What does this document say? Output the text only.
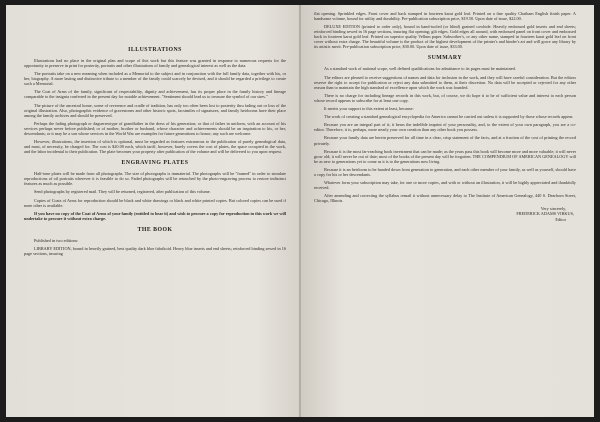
ILLUSTRATIONS

Illustrations had no place in the original plan and scope of this work but this feature was granted in response to numerous requests for the opportunity to preserve in print for posterity, portraits and other illustrations of family and genealogical interest as well as the data.

The portraits take on a new meaning when included as a Memorial to the subject and in conjunction with the full family data, together with his, or her, biography. A more lasting and distinctive tribute to a member of the family could scarcely be devised, and it should be regarded a privilege to create such a Memorial.

The Coat of Arms of the family, significant of respectability, dignity and achievement, has its proper place in the family history and lineage comparable to the insignia conferred in the present day for notable achievement. "Sentiment should lead us to treasure the symbol of our sires."

The picture of the ancestral home, scene of reverence and cradle of tradition, has only too often been lost to posterity thru fading out or loss of the original illustration. Also, photographic evidence of gravestones and other historic spots, facsimiles of signatures, and family heirlooms have their place among the family archives and should be preserved.

Perhaps the fading photograph or daguerreotype of grandfather in the dress of his generation; or that of father in uniform, with an account of his services perhaps never before published; or of mother, brother or husband, whose character and achievements should be an inspiration to his, or her, descendants; or it may be a son whose services in the World War are examples for future generations to honor; any such are welcome.

However, illustrations, the insertion of which is optional, must be regarded as features extraneous to the publication of purely genealogical data, and must, of necessity, be charged for. The cost is $20.00 each, which tariff, however, barely covers the cost of plates, the space occupied in the work, and the labor incidental to their publication. The plate becomes your property after publication of the volume and will be delivered to you upon request.

ENGRAVING PLATES

Half-tone plates will be made from all photographs. The size of photographs is immaterial. The photographs will be "framed" in order to simulate reproductions of oil portraits wherever it is feasible to do so. Faded photographs will be retouched by the photo-engraving process to restore indistinct features as much as possible.

Send photographs by registered mail. They will be returned, registered, after publication of this volume.

Copies of Coats of Arms for reproduction should be black and white drawings or black and white printed copies. But colored copies can be used if none other is available.

If you have no copy of the Coat of Arms of your family (entitled to bear it) and wish to procure a copy for reproduction in this work we will undertake to procure it without extra charge.

THE BOOK

Published in two editions:

LIBRARY EDITION, bound in heavily grained, best quality dark blue fabrikoid. Heavy blue inserts and end sheets; reinforced binding sewed in 16 page sections, insuring

flat opening. Sprinkled edges. Front cover and back stamped in fourteen karat gold leaf. Printed on a fine quality Chatham English finish paper. A handsome volume, bound for utility and durability. Pre-publication subscription price, $19.50. Upon date of issue, $22.00.

DELUXE EDITION (printed to order only), bound in hand-tooled (or blind) grained cowhide. Heavily embossed gold inserts and end sheets; reinforced binding sewed in 16 page sections, insuring flat opening; gilt edges. Gold edges all around, with embossed panel on front cover and embossed back in fourteen karat gold leaf. Printed on superior quality Vellum paper. Subscriber's, or any other name, stamped in fourteen karat gold leaf on front cover without extra charge. The beautiful volume is the product of the highest development of the printer's and binder's art and will grace any library by its artistic merit. Pre-publication subscription price, $30.00. Upon date of issue, $33.00.

SUMMARY

As a standard work of national scope, well defined qualifications for admittance to its pages must be maintained.

The editors are pleased to receive suggestions of names and data for inclusion in the work, and they will have careful consideration. But the editors reserve the right to accept for publication or reject any data submitted to them, at their discretion. No data will be accepted or rejected for any other reason than to maintain the high standard of excellence upon which the work was founded.

There is no charge for including lineage records in this work, but, of course, we do hope it to be of sufficient value and interest to each person whose record appears to subscribe for at least one copy.

It merits your support to this extent at least, because:

The work of creating a standard genealogical encyclopedia for America cannot be carried out unless it is supported by those whose records appear.

Because you are an integral part of it; it bears the indelible imprint of your personality, and, to the extent of your own paragraph, you are a co-editor. Therefore, it is, perhaps, more nearly your own creation than any other book you possess.

Because your family data are herein preserved for all time in a clear, crisp statement of the facts, and at a fraction of the cost of printing the record privately.

Because it is the most far-reaching book investment that can be made; as the years pass this book will become more and more valuable; it will never grow old; it will never be out of date; most of the books of the present day will be forgotten. THE COMPENDIUM OF AMERICAN GENEALOGY will be as new to generations yet to come as it is to the generations now living.

Because it is an heirloom to be handed down from generation to generation, and each other member of your family, as well as yourself, should have a copy for his or her descendants.

Whatever form your subscription may take, for one or more copies, and with or without an illustration, it will be highly appreciated and thankfully received.

After amending and correcting the syllabus remail it without unnecessary delay to The Institute of American Genealogy, 440 S. Dearborn Street, Chicago, Illinois.

Very sincerely,
FREDERICK ADAMS VIRKUS,
Editor
